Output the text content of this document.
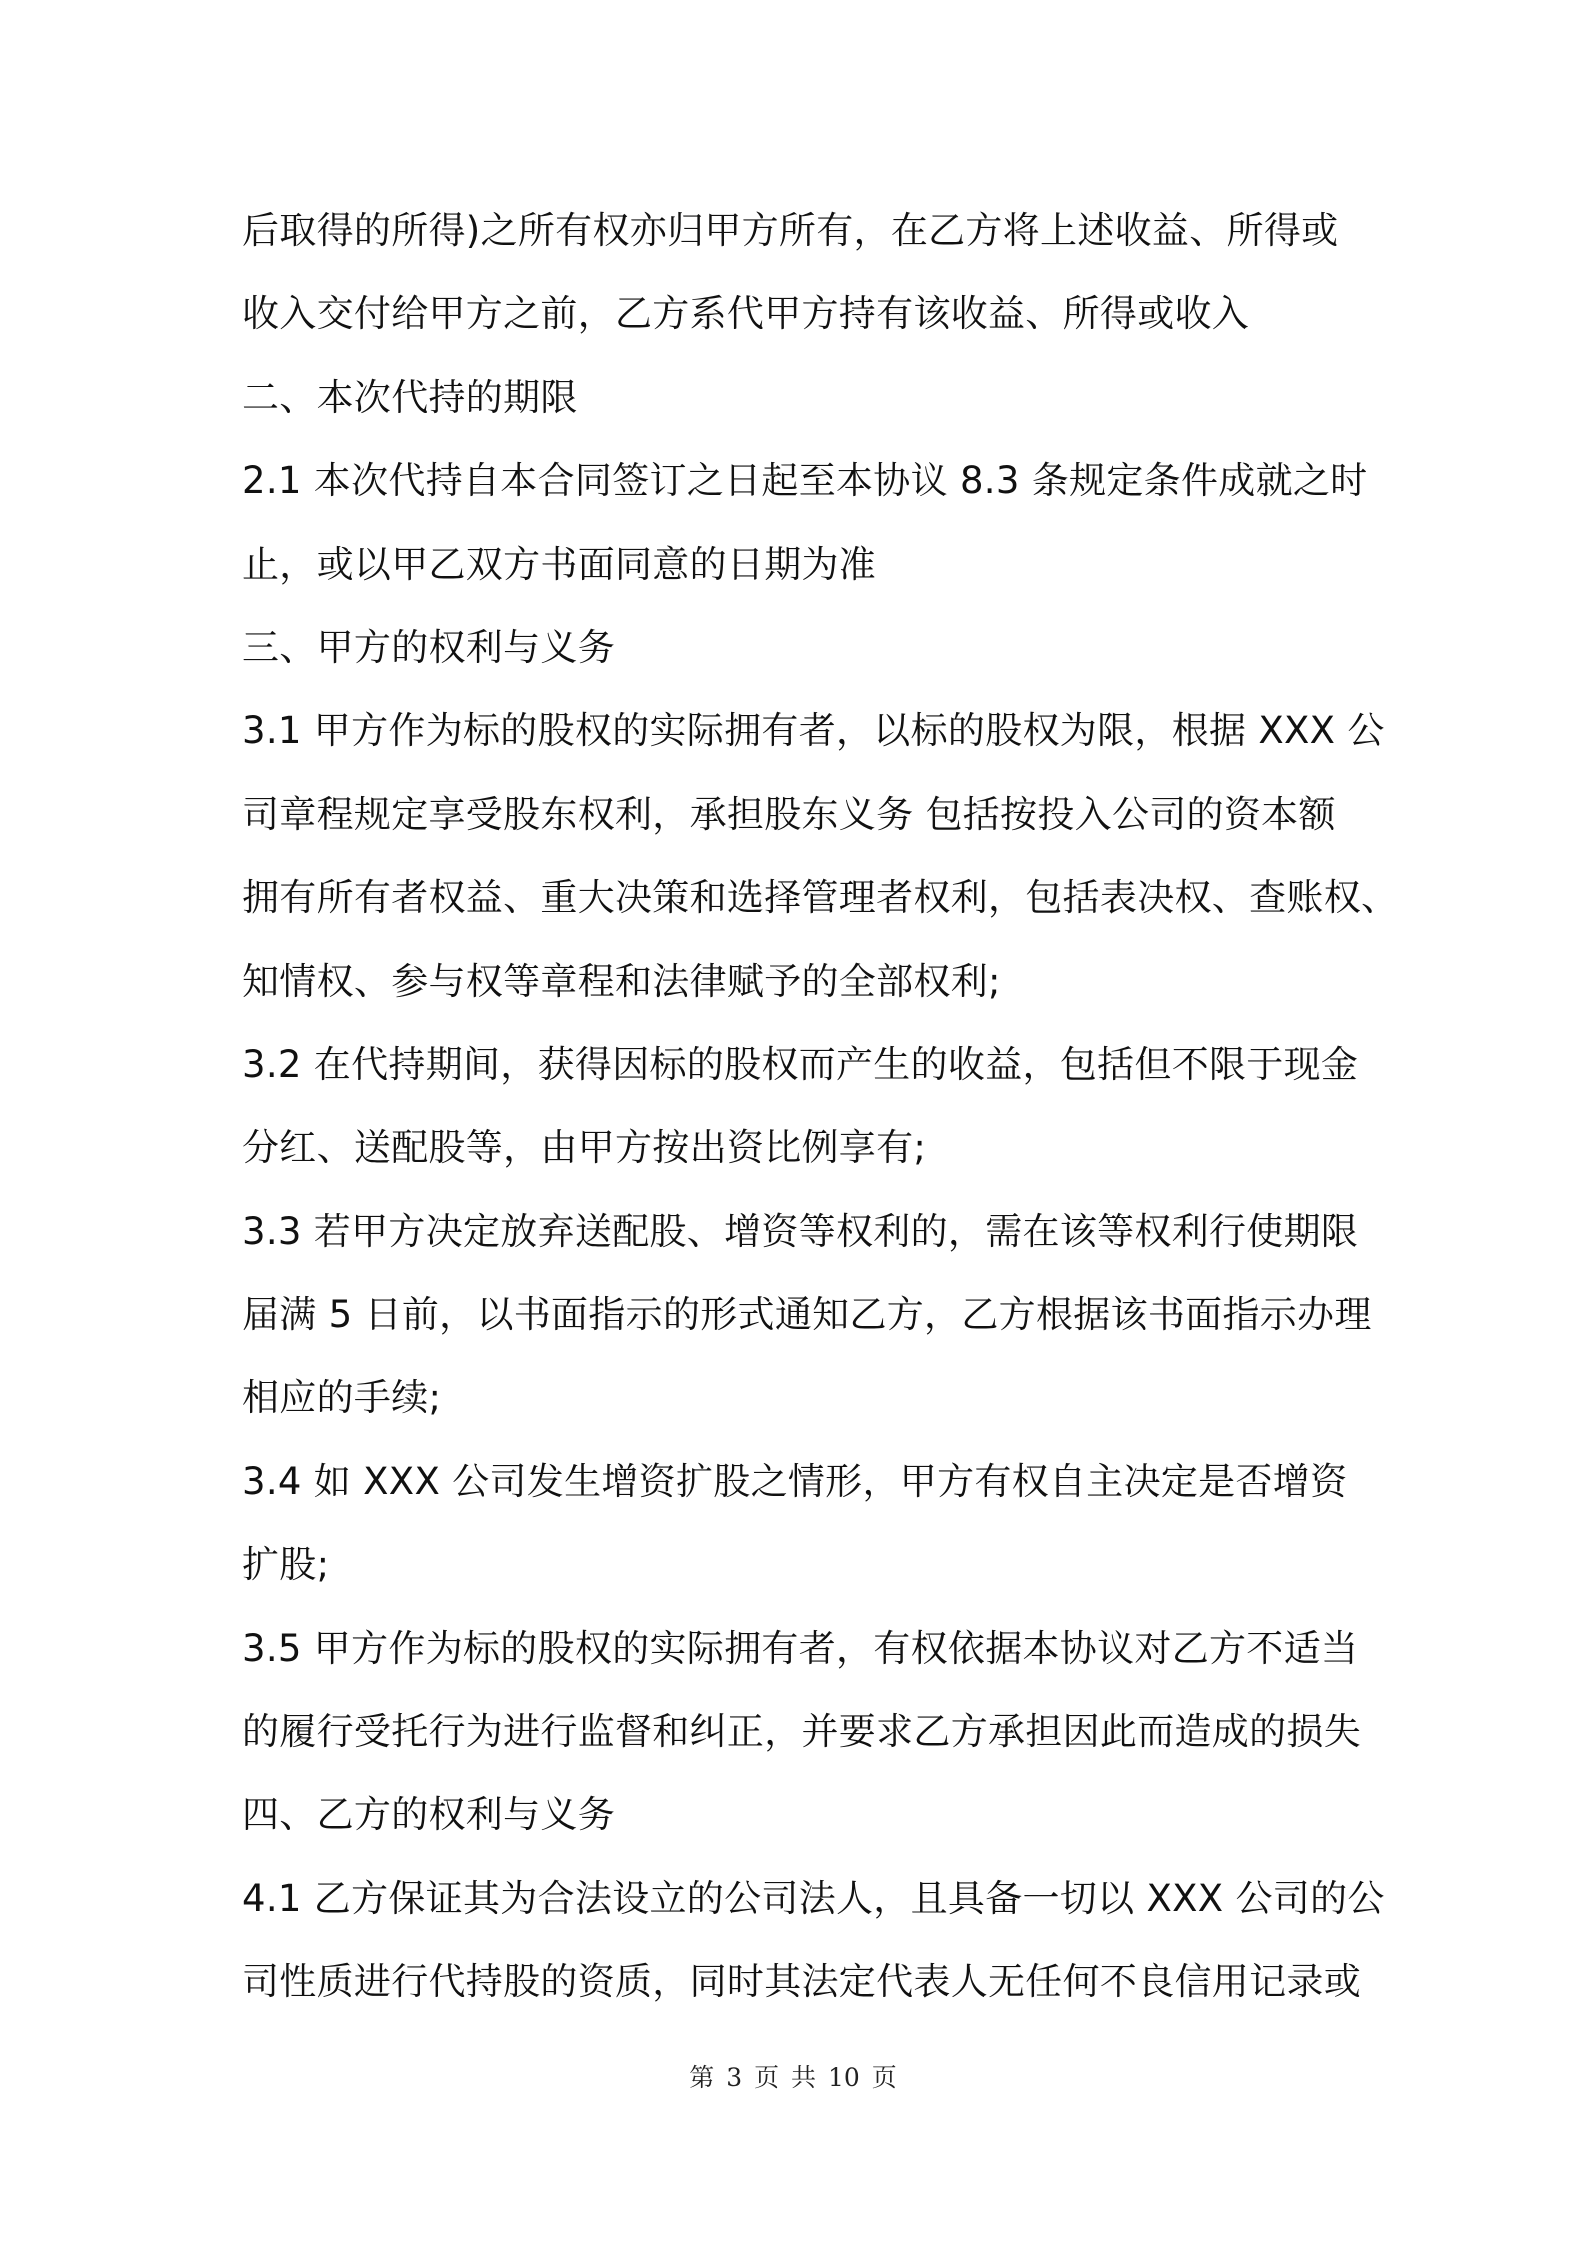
后取得的所得)之所有权亦归甲方所有，在乙方将上述收益、所得或
收入交付给甲方之前，乙方系代甲方持有该收益、所得或收入
二、本次代持的期限
2.1 本次代持自本合同签订之日起至本协议 8.3 条规定条件成就之时
止，或以甲乙双方书面同意的日期为准
三、甲方的权利与义务
3.1 甲方作为标的股权的实际拥有者，以标的股权为限，根据 XXX 公
司章程规定享受股东权利，承担股东义务 包括按投入公司的资本额
拥有所有者权益、重大决策和选择管理者权利，包括表决权、查账权、
知情权、参与权等章程和法律赋予的全部权利;
3.2 在代持期间，获得因标的股权而产生的收益，包括但不限于现金
分红、送配股等，由甲方按出资比例享有;
3.3 若甲方决定放弃送配股、增资等权利的，需在该等权利行使期限
届满 5 日前，以书面指示的形式通知乙方，乙方根据该书面指示办理
相应的手续;
3.4 如 XXX 公司发生增资扩股之情形，甲方有权自主决定是否增资
扩股;
3.5 甲方作为标的股权的实际拥有者，有权依据本协议对乙方不适当
的履行受托行为进行监督和纠正，并要求乙方承担因此而造成的损失
四、乙方的权利与义务
4.1 乙方保证其为合法设立的公司法人，且具备一切以 XXX 公司的公
司性质进行代持股的资质，同时其法定代表人无任何不良信用记录或
第 3 页 共 10 页
